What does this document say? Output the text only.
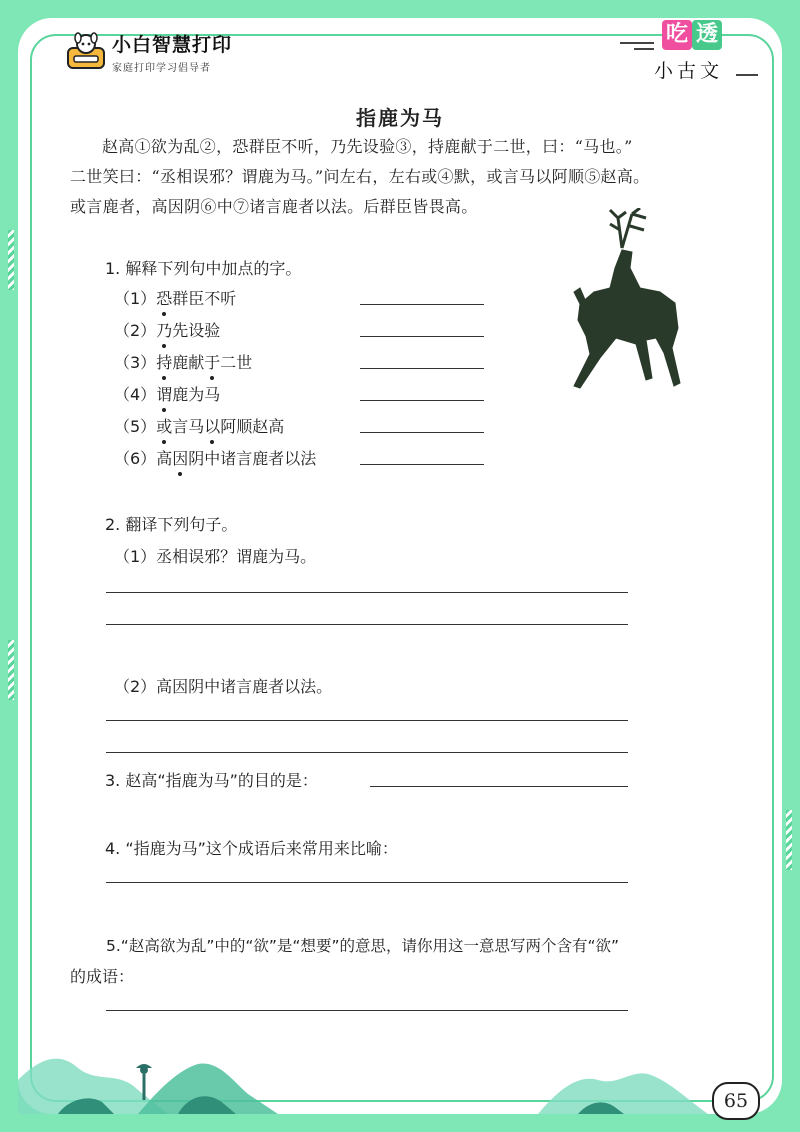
小白智慧打印
家庭打印学习倡导者
吃 透
小古文
指鹿为马

赵高①欲为乱②，恐群臣不听，乃先设验③，持鹿献于二世，曰：“马也。”

二世笑曰：“丞相误邪？谓鹿为马。”问左右，左右或④默，或言马以阿顺⑤赵高。

或言鹿者，高因阴⑥中⑦诸言鹿者以法。后群臣皆畏高。

1. 解释下列句中加点的字。
（1）恐群臣不听
（2）乃先设验
（3）持鹿献于二世
（4）谓鹿为马
（5）或言马以阿顺赵高
（6）高因阴中诸言鹿者以法
2. 翻译下列句子。
（1）丞相误邪？谓鹿为马。
（2）高因阴中诸言鹿者以法。
3. 赵高“指鹿为马”的目的是：
4. “指鹿为马”这个成语后来常用来比喻：
5.“赵高欲为乱”中的“欲”是“想要”的意思，请你用这一意思写两个含有“欲”
的成语：
65
